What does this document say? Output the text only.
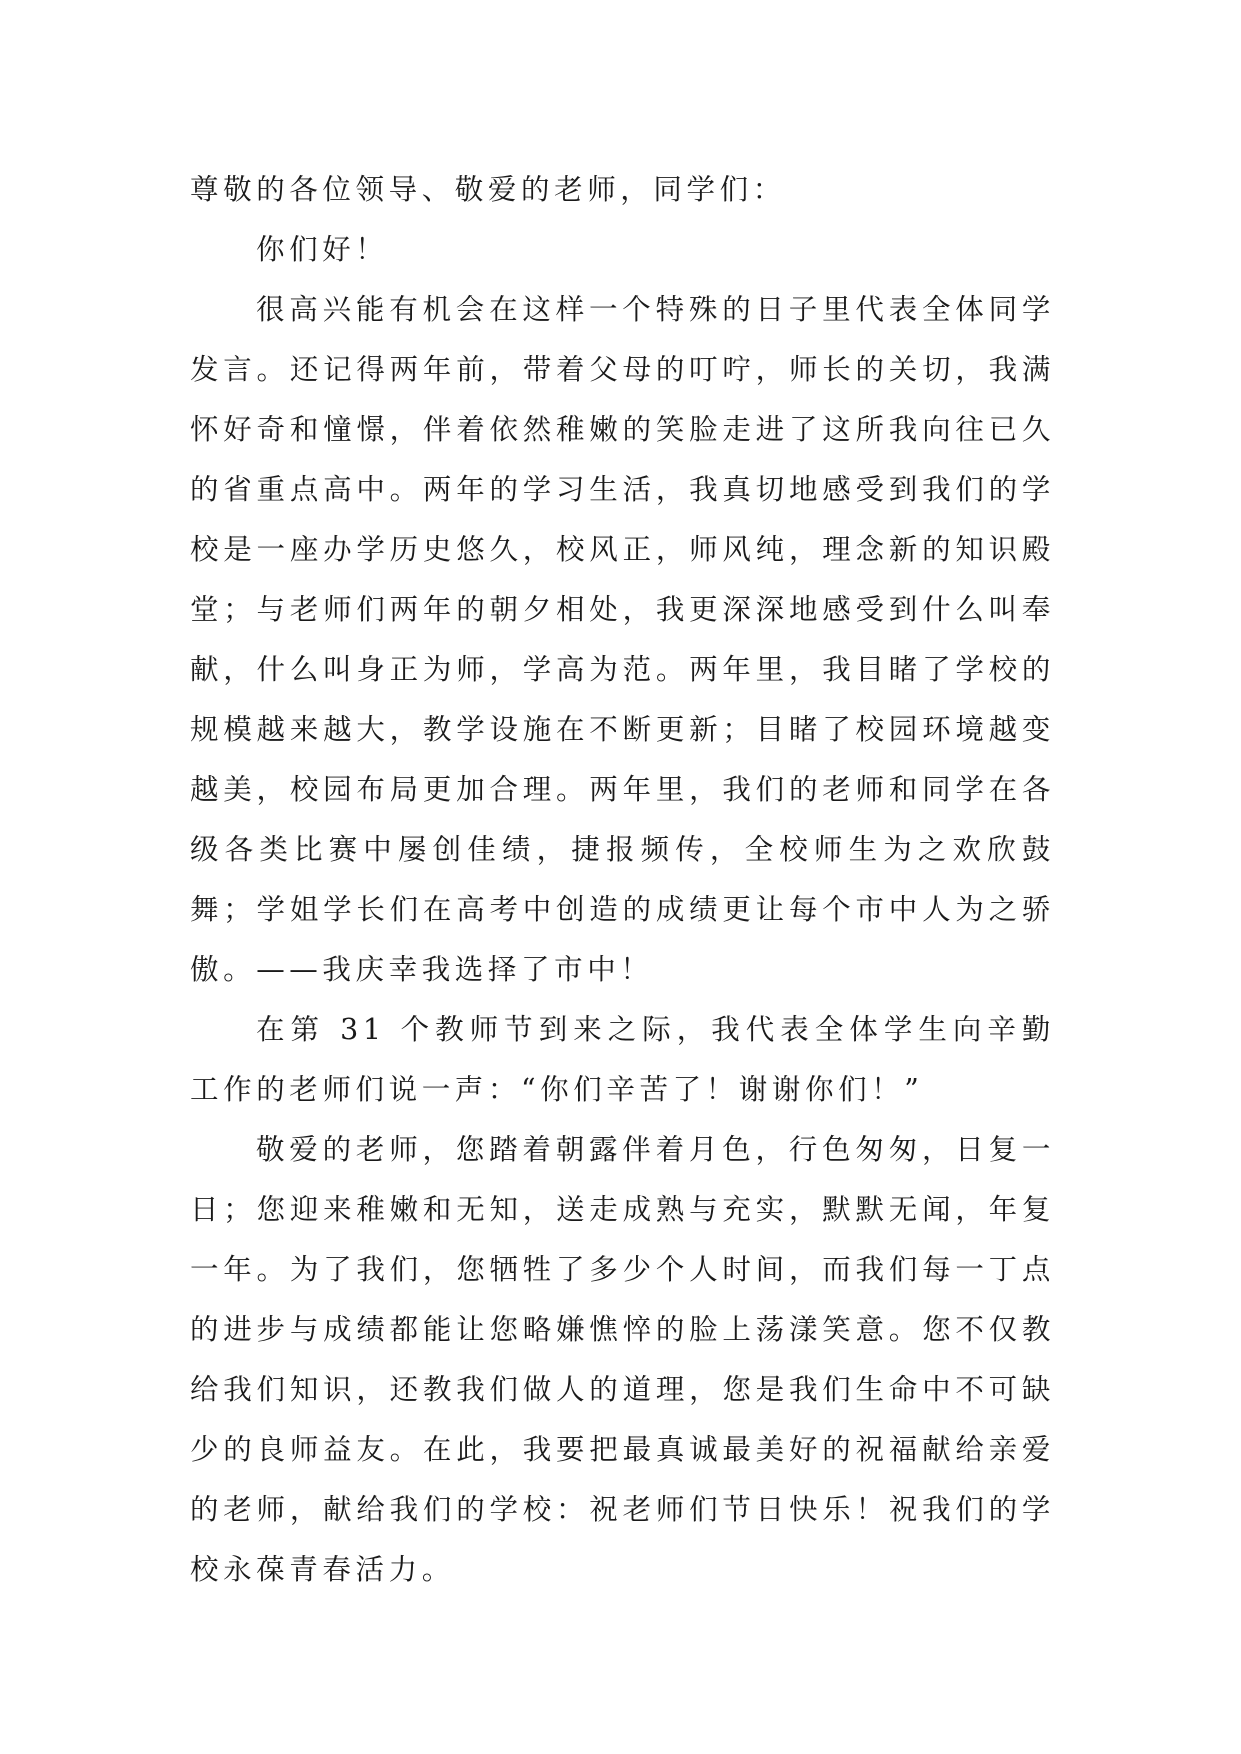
尊敬的各位领导、敬爱的老师，同学们：

你们好！

很高兴能有机会在这样一个特殊的日子里代表全体同学发言。还记得两年前，带着父母的叮咛，师长的关切，我满怀好奇和憧憬，伴着依然稚嫩的笑脸走进了这所我向往已久的省重点高中。两年的学习生活，我真切地感受到我们的学校是一座办学历史悠久，校风正，师风纯，理念新的知识殿堂；与老师们两年的朝夕相处，我更深深地感受到什么叫奉献，什么叫身正为师，学高为范。两年里，我目睹了学校的规模越来越大，教学设施在不断更新；目睹了校园环境越变越美，校园布局更加合理。两年里，我们的老师和同学在各级各类比赛中屡创佳绩，捷报频传，全校师生为之欢欣鼓舞；学姐学长们在高考中创造的成绩更让每个市中人为之骄傲。——我庆幸我选择了市中！

在第 31 个教师节到来之际，我代表全体学生向辛勤工作的老师们说一声：“你们辛苦了！谢谢你们！”

敬爱的老师，您踏着朝露伴着月色，行色匆匆，日复一日；您迎来稚嫩和无知，送走成熟与充实，默默无闻，年复一年。为了我们，您牺牲了多少个人时间，而我们每一丁点的进步与成绩都能让您略嫌憔悴的脸上荡漾笑意。您不仅教给我们知识，还教我们做人的道理，您是我们生命中不可缺少的良师益友。在此，我要把最真诚最美好的祝福献给亲爱的老师，献给我们的学校：祝老师们节日快乐！祝我们的学校永葆青春活力。
